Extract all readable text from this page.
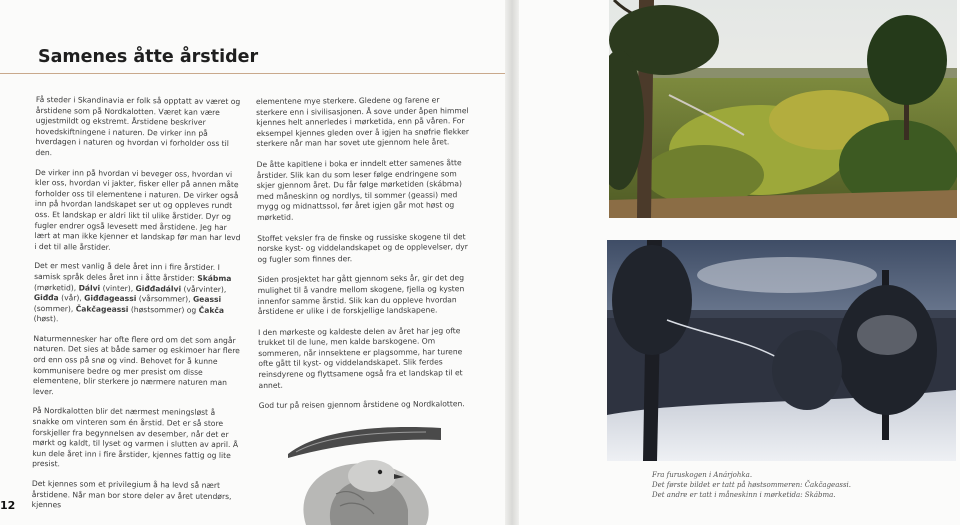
Samenes åtte årstider

Få steder i Skandinavia er folk så opptatt av været og årstidene som på Nordkalotten. Været kan være ugjestmildt og ekstremt. Årstidene beskriver hovedskiftningene i naturen. De virker inn på hverdagen i naturen og hvordan vi forholder oss til den.

De virker inn på hvordan vi beveger oss, hvordan vi kler oss, hvordan vi jakter, fisker eller på annen måte forholder oss til elementene i naturen. De virker også inn på hvordan landskapet ser ut og oppleves rundt oss. Et landskap er aldri likt til ulike årstider. Dyr og fugler endrer også levesett med årstidene. Jeg har lært at man ikke kjenner et landskap før man har levd i det til alle årstider.

Det er mest vanlig å dele året inn i fire årstider. I samisk språk deles året inn i åtte årstider: Skábma (mørketid), Dálvi (vinter), Giđđadálvi (vårvinter), Giđđa (vår), Giđđageassi (vårsommer), Geassi (sommer), Čakčageassi (høstsommer) og Čakča (høst).

Naturmennesker har ofte flere ord om det som angår naturen. Det sies at både samer og eskimoer har flere ord enn oss på snø og vind. Behovet for å kunne kommunisere bedre og mer presist om disse elementene, blir sterkere jo nærmere naturen man lever.

På Nordkalotten blir det nærmest meningsløst å snakke om vinteren som én årstid. Det er så store forskjeller fra begynnelsen av desember, når det er mørkt og kaldt, til lyset og varmen i slutten av april. Å kun dele året inn i fire årstider, kjennes fattig og lite presist.

Det kjennes som et privilegium å ha levd så nært årstidene. Når man bor store deler av året utendørs, kjennes

elementene mye sterkere. Gledene og farene er sterkere enn i sivilisasjonen. Å sove under åpen himmel kjennes helt annerledes i mørketida, enn på våren. For eksempel kjennes gleden over å igjen ha snøfrie flekker sterkere når man har sovet ute gjennom hele året.

De åtte kapitlene i boka er inndelt etter samenes åtte årstider. Slik kan du som leser følge endringene som skjer gjennom året. Du får følge mørketiden (skábma) med måneskinn og nordlys, til sommer (geassi) med mygg og midnattssol, før året igjen går mot høst og mørketid.

Stoffet veksler fra de finske og russiske skogene til det norske kyst- og viddelandskapet og de opplevelser, dyr og fugler som finnes der.

Siden prosjektet har gått gjennom seks år, gir det deg mulighet til å vandre mellom skogene, fjella og kysten innenfor samme årstid. Slik kan du oppleve hvordan årstidene er ulike i de forskjellige landskapene.

I den mørkeste og kaldeste delen av året har jeg ofte trukket til de lune, men kalde barskogene. Om sommeren, når innsektene er plagsomme, har turene ofte gått til kyst- og viddelandskapet. Slik ferdes reinsdyrene og flyttsamene også fra et landskap til et annet.

God tur på reisen gjennom årstidene og Nordkalotten.

12
Fra furuskogen i Anárjohka.
Det første bildet er tatt på høstsommeren: Čakčageassi.
Det andre er tatt i måneskinn i mørketida: Skábma.
